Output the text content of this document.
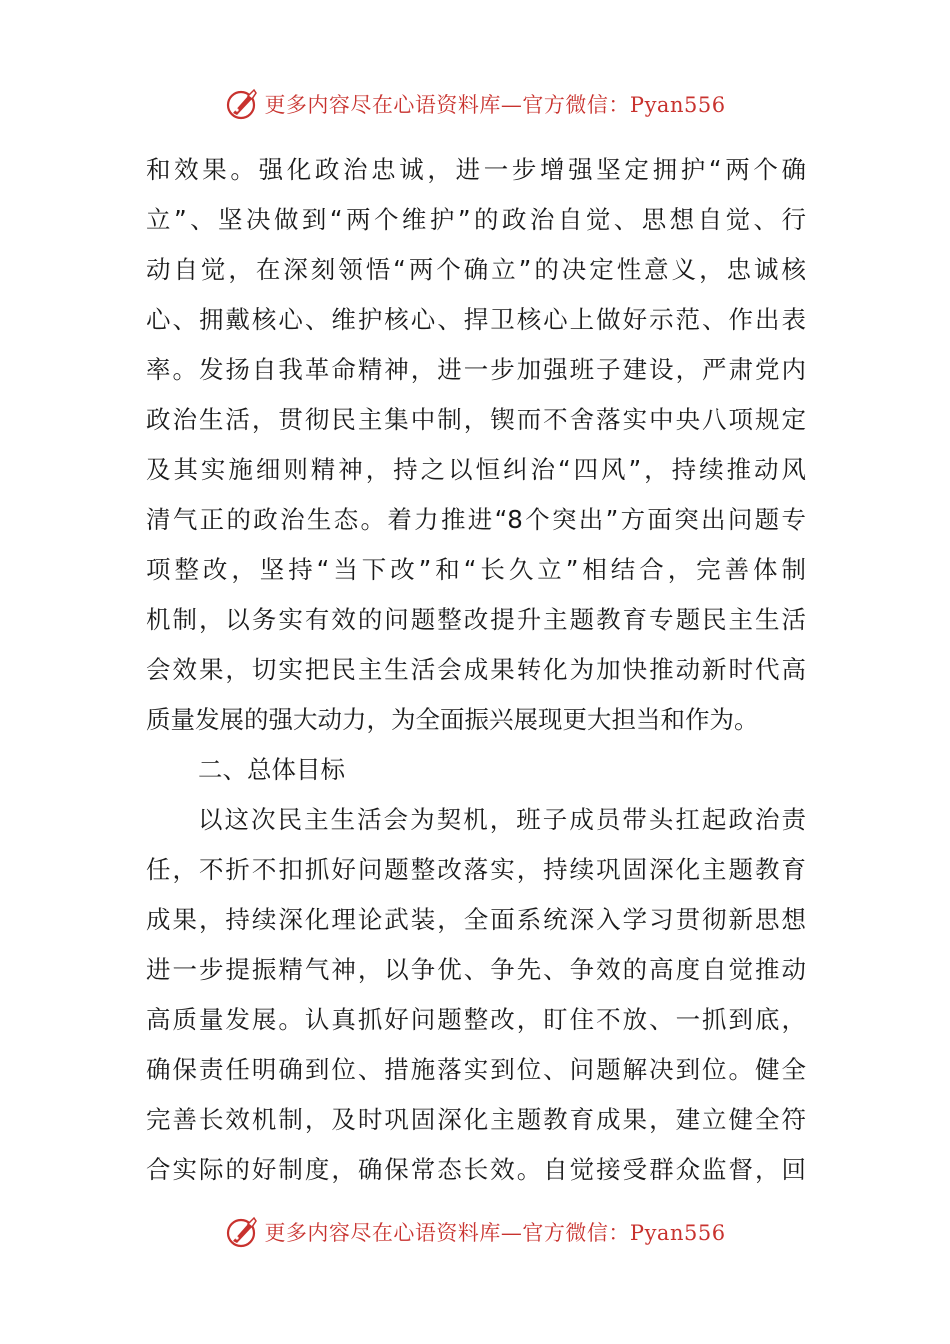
更多内容尽在心语资料库—官方微信：Pyan556
和效果。强化政治忠诚，进一步增强坚定拥护“两个确
立”、坚决做到“两个维护”的政治自觉、思想自觉、行
动自觉，在深刻领悟“两个确立”的决定性意义，忠诚核
心、拥戴核心、维护核心、捍卫核心上做好示范、作出表
率。发扬自我革命精神，进一步加强班子建设，严肃党内
政治生活，贯彻民主集中制，锲而不舍落实中央八项规定
及其实施细则精神，持之以恒纠治“四风”，持续推动风
清气正的政治生态。着力推进“8个突出”方面突出问题专
项整改，坚持“当下改”和“长久立”相结合，完善体制
机制，以务实有效的问题整改提升主题教育专题民主生活
会效果，切实把民主生活会成果转化为加快推动新时代高
质量发展的强大动力，为全面振兴展现更大担当和作为。
二、总体目标
以这次民主生活会为契机，班子成员带头扛起政治责
任，不折不扣抓好问题整改落实，持续巩固深化主题教育
成果，持续深化理论武装，全面系统深入学习贯彻新思想
进一步提振精气神，以争优、争先、争效的高度自觉推动
高质量发展。认真抓好问题整改，盯住不放、一抓到底，
确保责任明确到位、措施落实到位、问题解决到位。健全
完善长效机制，及时巩固深化主题教育成果，建立健全符
合实际的好制度，确保常态长效。自觉接受群众监督，回
更多内容尽在心语资料库—官方微信：Pyan556
